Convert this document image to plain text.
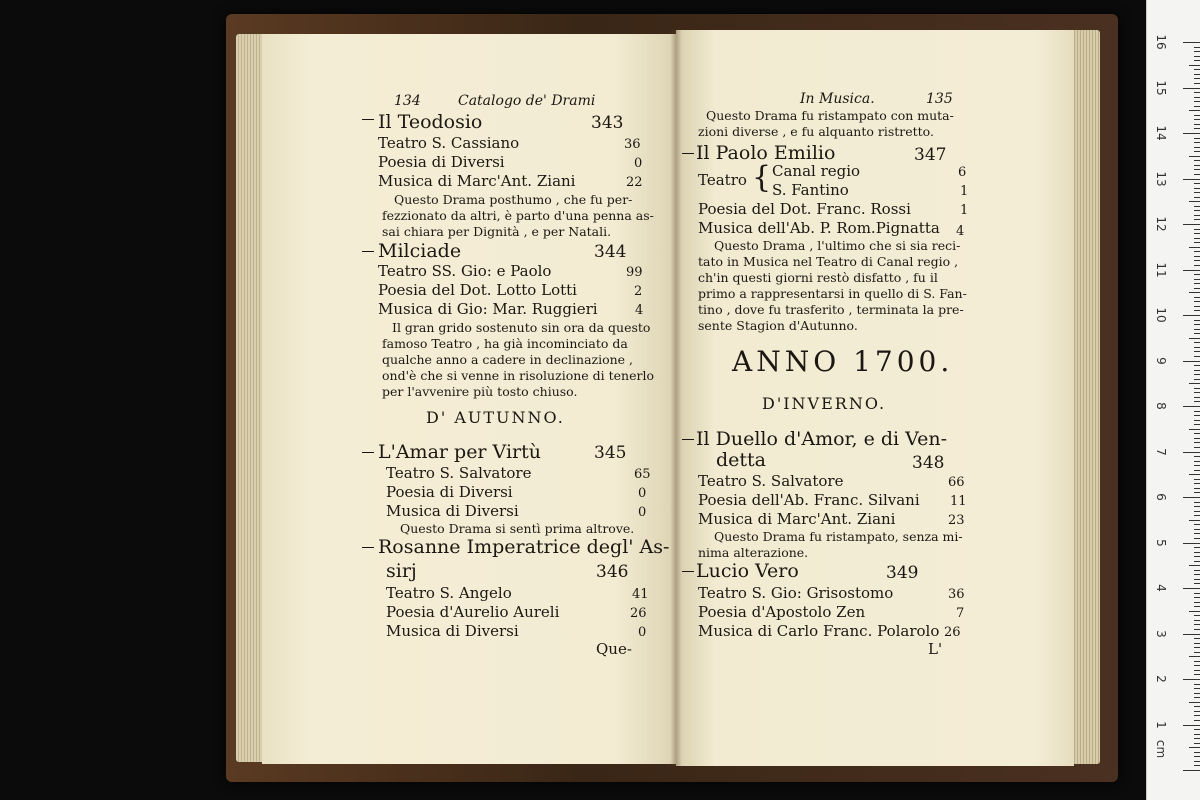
134	Catalogo de' Drami
Il Teodosio	343
Teatro S. Cassiano	36
Poesia di Diversi	0
Musica di Marc'Ant. Ziani	22
Questo Drama posthumo , che fu per-
fezzionato da altri, è parto d'una penna as-
sai chiara per Dignità , e per Natali.
Milciade	344
Teatro SS. Gio: e Paolo	99
Poesia del Dot. Lotto Lotti	2
Musica di Gio: Mar. Ruggieri	4
Il gran grido sostenuto sin ora da questo
famoso Teatro , ha già incominciato da
qualche anno a cadere in declinazione ,
ond'è che si venne in risoluzione di tenerlo
per l'avvenire più tosto chiuso.
D' AUTUNNO.
L'Amar per Virtù	345
Teatro S. Salvatore	65
Poesia di Diversi	0
Musica di Diversi	0
Questo Drama si sentì prima altrove.
Rosanne Imperatrice degl' As-
sirj	346
Teatro S. Angelo	41
Poesia d'Aurelio Aureli	26
Musica di Diversi	0
Que-
In Musica.	135
Questo Drama fu ristampato con muta-
zioni diverse , e fu alquanto ristretto.
Il Paolo Emilio	347
Teatro { Canal regio	6
S. Fantino	1
Poesia del Dot. Franc. Rossi	1
Musica dell'Ab. P. Rom.Pignatta 4
Questo Drama , l'ultimo che si sia reci-
tato in Musica nel Teatro di Canal regio ,
ch'in questi giorni restò disfatto , fu il
primo a rappresentarsi in quello di S. Fan-
tino , dove fu trasferito , terminata la pre-
sente Stagion d'Autunno.
ANNO 1700.
D'INVERNO.
Il Duello d'Amor, e di Ven-
detta	348
Teatro S. Salvatore	66
Poesia dell'Ab. Franc. Silvani 11
Musica di Marc'Ant. Ziani	23
Questo Drama fu ristampato, senza mi-
nima alterazione.
Lucio Vero	349
Teatro S. Gio: Grisostomo	36
Poesia d'Apostolo Zen	7
Musica di Carlo Franc. Polarolo 26
L'
cm
1
2
3
4
5
6
7
8
9
10
11
12
13
14
15
16
